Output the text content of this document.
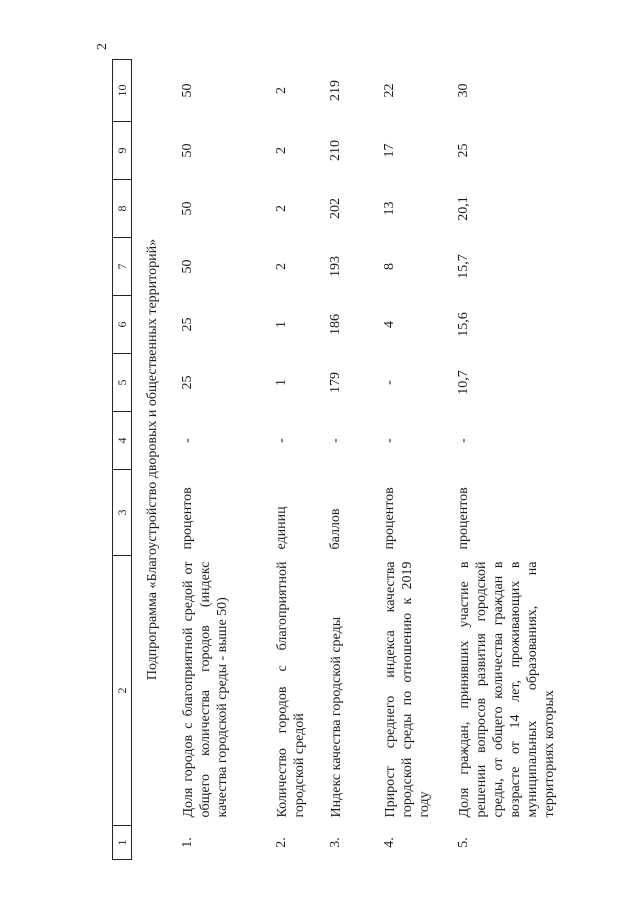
2
1	2	3	4	5	6	7	8	9	10
Подпрограмма «Благоустройство дворовых и общественных территорий»									
1.	Доля городов с благоприятной средой от общего количества городов (индекс качества городской среды - выше 50)	процентов	-	25	25	50	50	50	50
2.	Количество городов с благоприятной городской средой	единиц	-	1	1	2	2	2	2
3.	Индекс качества городской среды	баллов	-	179	186	193	202	210	219
4.	Прирост среднего индекса качества городской среды по отношению к 2019 году	процентов	-	-	4	8	13	17	22
5.	Доля граждан, принявших участие в решении вопросов развития городской среды, от общего количества граждан в возрасте от 14 лет, проживающих в муниципальных образованиях, на территориях которых	процентов	-	10,7	15,6	15,7	20,1	25	30
